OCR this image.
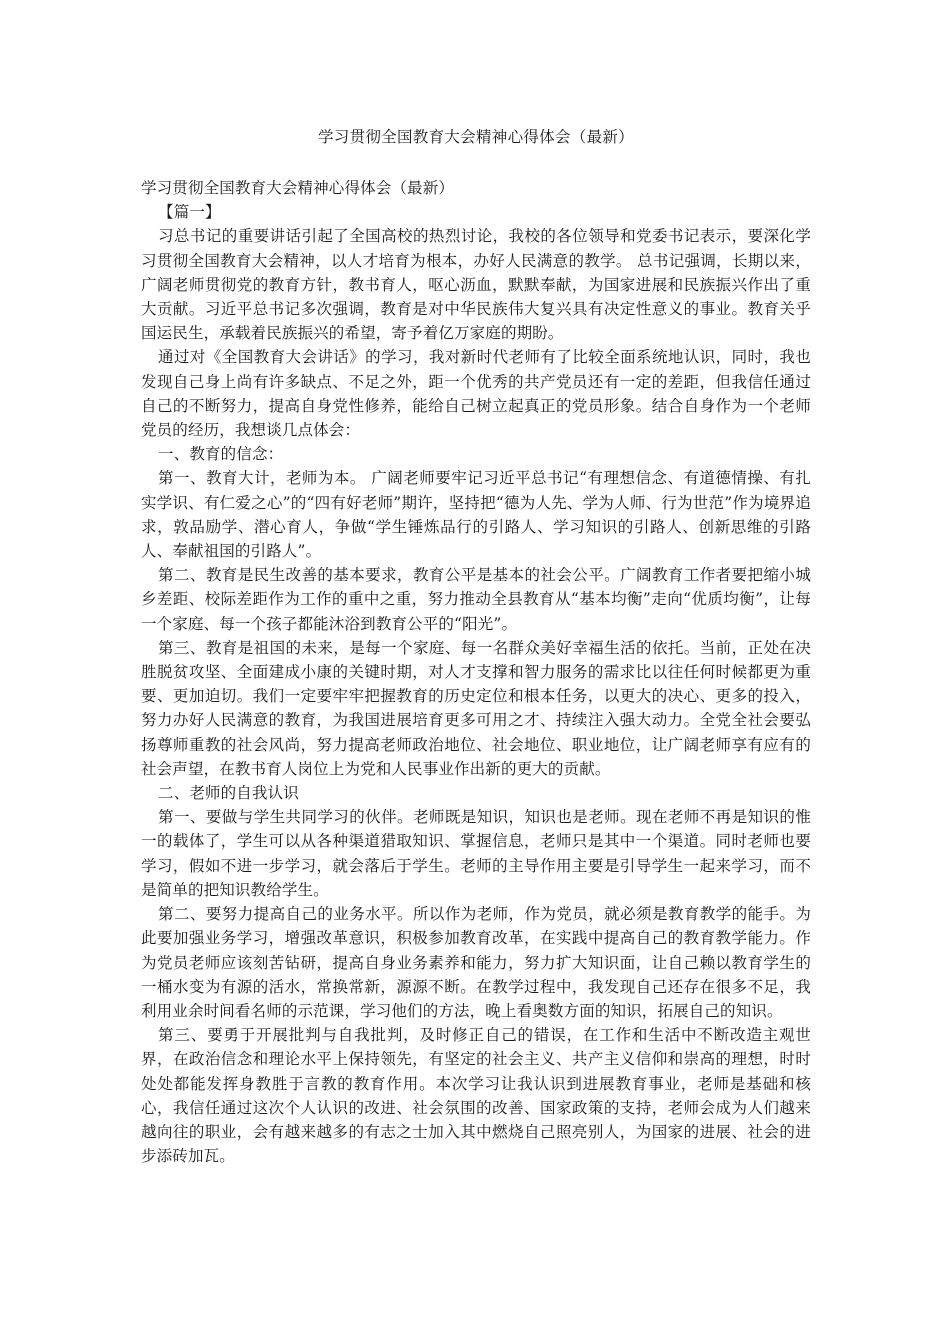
学习贯彻全国教育大会精神心得体会（最新）

学习贯彻全国教育大会精神心得体会（最新）

【篇一】

习总书记的重要讲话引起了全国高校的热烈讨论，我校的各位领导和党委书记表示，要深化学习贯彻全国教育大会精神，以人才培育为根本，办好人民满意的教学。 总书记强调，长期以来，广阔老师贯彻党的教育方针，教书育人，呕心沥血，默默奉献，为国家进展和民族振兴作出了重大贡献。习近平总书记多次强调，教育是对中华民族伟大复兴具有决定性意义的事业。教育关乎国运民生，承载着民族振兴的希望，寄予着亿万家庭的期盼。

通过对《全国教育大会讲话》的学习，我对新时代老师有了比较全面系统地认识，同时，我也发现自己身上尚有许多缺点、不足之外，距一个优秀的共产党员还有一定的差距，但我信任通过自己的不断努力，提高自身党性修养，能给自己树立起真正的党员形象。结合自身作为一个老师党员的经历，我想谈几点体会：

一、教育的信念：

第一、教育大计，老师为本。 广阔老师要牢记习近平总书记“有理想信念、有道德情操、有扎实学识、有仁爱之心”的“四有好老师”期许，坚持把“德为人先、学为人师、行为世范”作为境界追求，敦品励学、潜心育人，争做“学生锤炼品行的引路人、学习知识的引路人、创新思维的引路人、奉献祖国的引路人”。

第二、教育是民生改善的基本要求，教育公平是基本的社会公平。广阔教育工作者要把缩小城乡差距、校际差距作为工作的重中之重，努力推动全县教育从“基本均衡”走向“优质均衡”，让每一个家庭、每一个孩子都能沐浴到教育公平的“阳光”。

第三、教育是祖国的未来，是每一个家庭、每一名群众美好幸福生活的依托。当前，正处在决胜脱贫攻坚、全面建成小康的关键时期，对人才支撑和智力服务的需求比以往任何时候都更为重要、更加迫切。我们一定要牢牢把握教育的历史定位和根本任务，以更大的决心、更多的投入，努力办好人民满意的教育，为我国进展培育更多可用之才、持续注入强大动力。全党全社会要弘扬尊师重教的社会风尚，努力提高老师政治地位、社会地位、职业地位，让广阔老师享有应有的社会声望，在教书育人岗位上为党和人民事业作出新的更大的贡献。

二、老师的自我认识

第一、要做与学生共同学习的伙伴。老师既是知识，知识也是老师。现在老师不再是知识的惟一的载体了，学生可以从各种渠道猎取知识、掌握信息，老师只是其中一个渠道。同时老师也要学习，假如不进一步学习，就会落后于学生。老师的主导作用主要是引导学生一起来学习，而不是简单的把知识教给学生。

第二、要努力提高自己的业务水平。所以作为老师，作为党员，就必须是教育教学的能手。为此要加强业务学习，增强改革意识，积极参加教育改革，在实践中提高自己的教育教学能力。作为党员老师应该刻苦钻研，提高自身业务素养和能力，努力扩大知识面，让自己赖以教育学生的一桶水变为有源的活水，常换常新，源源不断。在教学过程中，我发现自己还存在很多不足，我利用业余时间看名师的示范课，学习他们的方法，晚上看奥数方面的知识，拓展自己的知识。

第三、要勇于开展批判与自我批判，及时修正自己的错误，在工作和生活中不断改造主观世界，在政治信念和理论水平上保持领先，有坚定的社会主义、共产主义信仰和崇高的理想，时时处处都能发挥身教胜于言教的教育作用。本次学习让我认识到进展教育事业，老师是基础和核心，我信任通过这次个人认识的改进、社会氛围的改善、国家政策的支持，老师会成为人们越来越向往的职业，会有越来越多的有志之士加入其中燃烧自己照亮别人，为国家的进展、社会的进步添砖加瓦。
